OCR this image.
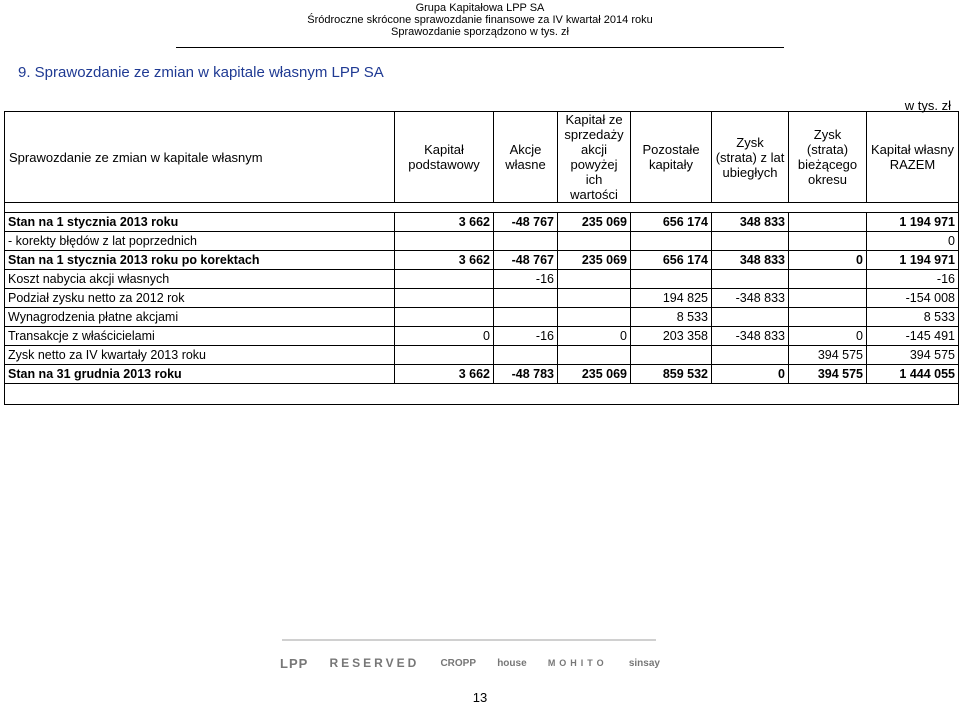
Grupa Kapitałowa LPP SA
Śródroczne skrócone sprawozdanie finansowe za IV kwartał 2014 roku
Sprawozdanie sporządzono w tys. zł
9. Sprawozdanie ze zmian w kapitale własnym LPP SA
w tys. zł
Sprawozdanie ze zmian w kapitale własnym	Kapitał podstawowy	Akcje własne	Kapitał ze sprzedaży akcji powyżej ich wartości	Pozostałe kapitały	Zysk (strata) z lat ubiegłych	Zysk (strata) bieżącego okresu	Kapitał własny RAZEM

Stan na 1 stycznia 2013 roku	3 662	-48 767	235 069	656 174	348 833		1 194 971
- korekty błędów z lat poprzednich							0
Stan na 1 stycznia 2013 roku po korektach	3 662	-48 767	235 069	656 174	348 833	0	1 194 971
Koszt nabycia akcji własnych		-16					-16
Podział zysku netto za 2012 rok				194 825	-348 833		-154 008
Wynagrodzenia płatne akcjami				8 533			8 533
Transakcje z właścicielami	0	-16	0	203 358	-348 833	0	-145 491
Zysk netto za IV kwartały 2013 roku						394 575	394 575
Stan na 31 grudnia 2013 roku	3 662	-48 783	235 069	859 532	0	394 575	1 444 055

LPP RESERVED CROPP house MOHITO sinsay
13
